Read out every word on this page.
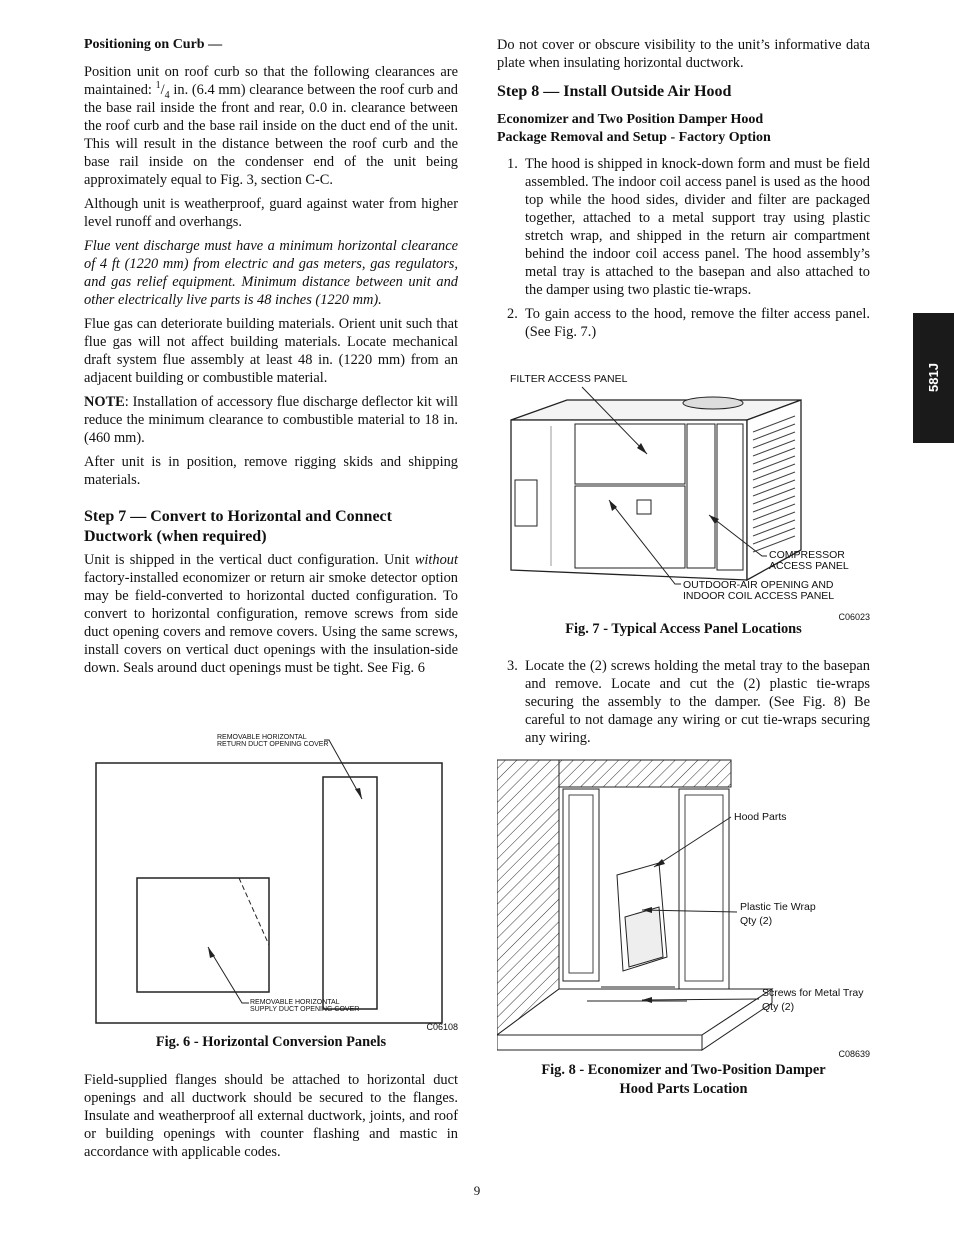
Positioning on Curb —

Position unit on roof curb so that the following clearances are maintained: $^1/_4$ in. (6.4 mm) clearance between the roof curb and the base rail inside the front and rear, 0.0 in. clearance between the roof curb and the base rail inside on the duct end of the unit. This will result in the distance between the roof curb and the base rail inside on the condenser end of the unit being approximately equal to Fig. 3, section C-C.

Although unit is weatherproof, guard against water from higher level runoff and overhangs.

Flue vent discharge must have a minimum horizontal clearance of 4 ft (1220 mm) from electric and gas meters, gas regulators, and gas relief equipment. Minimum distance between unit and other electrically live parts is 48 inches (1220 mm).

Flue gas can deteriorate building materials. Orient unit such that flue gas will not affect building materials. Locate mechanical draft system flue assembly at least 48 in. (1220 mm) from an adjacent building or combustible material.

NOTE: Installation of accessory flue discharge deflector kit will reduce the minimum clearance to combustible material to 18 in. (460 mm).

After unit is in position, remove rigging skids and shipping materials.

Step 7 — Convert to Horizontal and Connect Ductwork (when required)

Unit is shipped in the vertical duct configuration. Unit without factory-installed economizer or return air smoke detector option may be field-converted to horizontal ducted configuration. To convert to horizontal configuration, remove screws from side duct opening covers and remove covers. Using the same screws, install covers on vertical duct openings with the insulation-side down. Seals around duct openings must be tight. See Fig. 6

REMOVABLE HORIZONTAL
RETURN DUCT OPENING COVER
REMOVABLE HORIZONTAL
SUPPLY DUCT OPENING COVER
C06108
Fig. 6 - Horizontal Conversion Panels

Field-supplied flanges should be attached to horizontal duct openings and all ductwork should be secured to the flanges. Insulate and weatherproof all external ductwork, joints, and roof or building openings with counter flashing and mastic in accordance with applicable codes.

Do not cover or obscure visibility to the unit’s informative data plate when insulating horizontal ductwork.

Step 8 — Install Outside Air Hood
Economizer and Two Position Damper Hood
Package Removal and Setup - Factory Option
1. The hood is shipped in knock-down form and must be field assembled. The indoor coil access panel is used as the hood top while the hood sides, divider and filter are packaged together, attached to a metal support tray using plastic stretch wrap, and shipped in the return air compartment behind the indoor coil access panel. The hood assembly’s metal tray is attached to the basepan and also attached to the damper using two plastic tie-wraps.
2. To gain access to the hood, remove the filter access panel. (See Fig. 7.)
FILTER ACCESS PANEL
COMPRESSOR
ACCESS PANEL
OUTDOOR-AIR OPENING AND
INDOOR COIL ACCESS PANEL
C06023
Fig. 7 - Typical Access Panel Locations
3. Locate the (2) screws holding the metal tray to the basepan and remove. Locate and cut the (2) plastic tie-wraps securing the assembly to the damper. (See Fig. 8) Be careful to not damage any wiring or cut tie-wraps securing any wiring.
Hood Parts
Plastic Tie Wrap
Qty (2)
Screws for Metal Tray
Qty (2)
C08639
Fig. 8 - Economizer and Two-Position Damper
Hood Parts Location
581J
9
